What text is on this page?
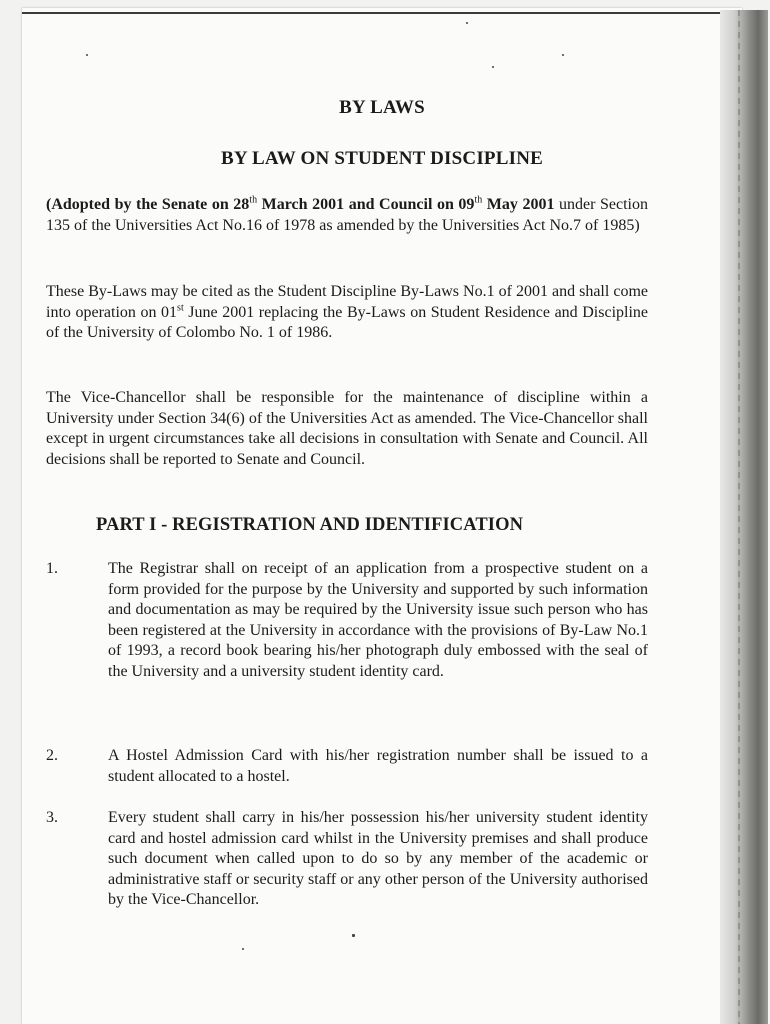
BY LAWS
BY LAW ON STUDENT DISCIPLINE
(Adopted by the Senate on 28th March 2001 and Council on 09th May 2001 under Section 135 of the Universities Act No.16 of 1978 as amended by the Universities Act No.7 of 1985)
These By-Laws may be cited as the Student Discipline By-Laws No.1 of 2001 and shall come into operation on 01st June 2001 replacing the By-Laws on Student Residence and Discipline of the University of Colombo No. 1 of 1986.
The Vice-Chancellor shall be responsible for the maintenance of discipline within a University under Section 34(6) of the Universities Act as amended. The Vice-Chancellor shall except in urgent circumstances take all decisions in consultation with Senate and Council. All decisions shall be reported to Senate and Council.
PART I - REGISTRATION AND IDENTIFICATION
1.	The Registrar shall on receipt of an application from a prospective student on a form provided for the purpose by the University and supported by such information and documentation as may be required by the University issue such person who has been registered at the University in accordance with the provisions of By-Law No.1 of 1993, a record book bearing his/her photograph duly embossed with the seal of the University and a university student identity card.
2.	A Hostel Admission Card with his/her registration number shall be issued to a student allocated to a hostel.
3.	Every student shall carry in his/her possession his/her university student identity card and hostel admission card whilst in the University premises and shall produce such document when called upon to do so by any member of the academic or administrative staff or security staff or any other person of the University authorised by the Vice-Chancellor.
